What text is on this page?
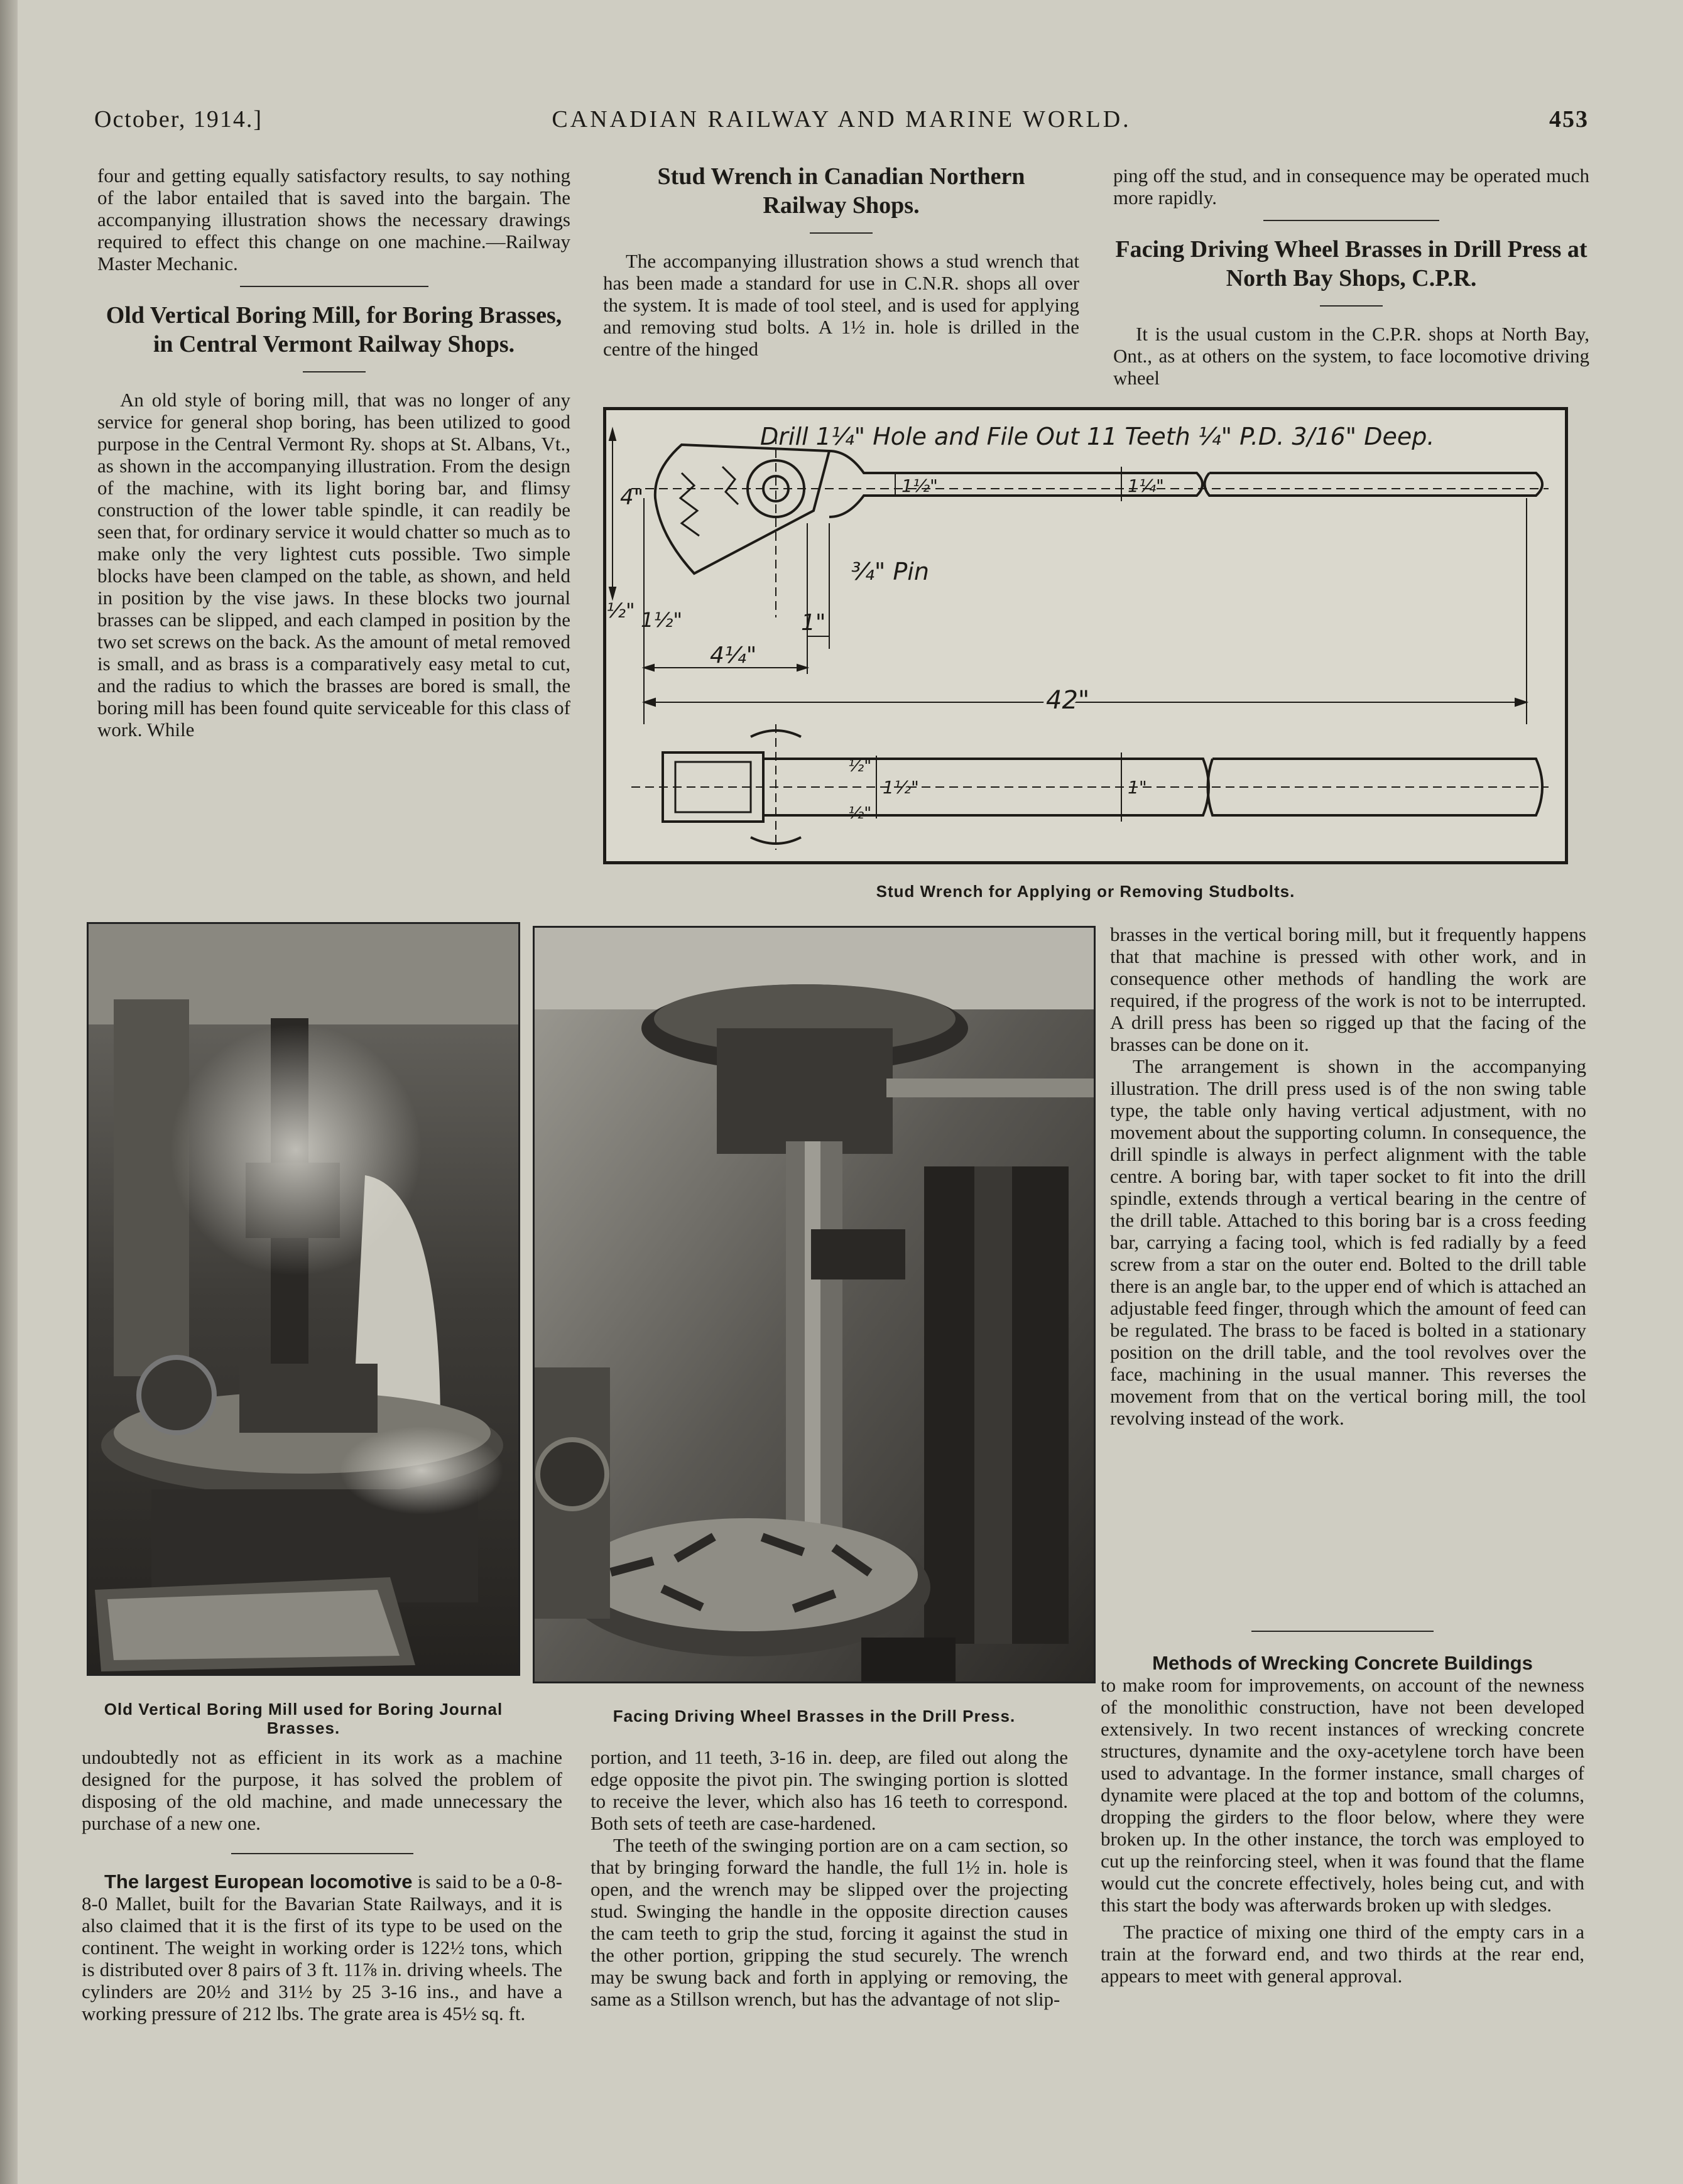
October, 1914.]	CANADIAN RAILWAY AND MARINE WORLD.	453

four and getting equally satisfactory results, to say nothing of the labor entailed that is saved into the bargain. The accompanying illustration shows the necessary drawings required to effect this change on one machine.—Railway Master Mechanic.

Old Vertical Boring Mill, for Boring Brasses, in Central Vermont Railway Shops.

An old style of boring mill, that was no longer of any service for general shop boring, has been utilized to good purpose in the Central Vermont Ry. shops at St. Albans, Vt., as shown in the accompanying illustration. From the design of the machine, with its light boring bar, and flimsy construction of the lower table spindle, it can readily be seen that, for ordinary service it would chatter so much as to make only the very lightest cuts possible. Two simple blocks have been clamped on the table, as shown, and held in position by the vise jaws. In these blocks two journal brasses can be slipped, and each clamped in position by the two set screws on the back. As the amount of metal removed is small, and as brass is a comparatively easy metal to cut, and the radius to which the brasses are bored is small, the boring mill has been found quite serviceable for this class of work. While

Stud Wrench in Canadian Northern Railway Shops.

The accompanying illustration shows a stud wrench that has been made a standard for use in C.N.R. shops all over the system. It is made of tool steel, and is used for applying and removing stud bolts. A 1½ in. hole is drilled in the centre of the hinged

ping off the stud, and in consequence may be operated much more rapidly.

Facing Driving Wheel Brasses in Drill Press at North Bay Shops, C.P.R.

It is the usual custom in the C.P.R. shops at North Bay, Ont., as at others on the system, to face locomotive driving wheel

Drill 1¼" Hole and File Out 11 Teeth ¼" P.D. 3/16" Deep.
¾" Pin
42"
4¼"
1"
1½"
½"
4"	1½"	1¼"
1½"	1"
½"
½"
Stud Wrench for Applying or Removing Studbolts.
Old Vertical Boring Mill used for Boring Journal Brasses.
Facing Driving Wheel Brasses in the Drill Press.

brasses in the vertical boring mill, but it frequently happens that that machine is pressed with other work, and in consequence other methods of handling the work are required, if the progress of the work is not to be interrupted. A drill press has been so rigged up that the facing of the brasses can be done on it.

The arrangement is shown in the accompanying illustration. The drill press used is of the non swing table type, the table only having vertical adjustment, with no movement about the supporting column. In consequence, the drill spindle is always in perfect alignment with the table centre. A boring bar, with taper socket to fit into the drill spindle, extends through a vertical bearing in the centre of the drill table. Attached to this boring bar is a cross feeding bar, carrying a facing tool, which is fed radially by a feed screw from a star on the outer end. Bolted to the drill table there is an angle bar, to the upper end of which is attached an adjustable feed finger, through which the amount of feed can be regulated. The brass to be faced is bolted in a stationary position on the drill table, and the tool revolves over the face, machining in the usual manner. This reverses the movement from that on the vertical boring mill, the tool revolving instead of the work.

Methods of Wrecking Concrete Buildings

to make room for improvements, on account of the newness of the monolithic construction, have not been developed extensively. In two recent instances of wrecking concrete structures, dynamite and the oxy-acetylene torch have been used to advantage. In the former instance, small charges of dynamite were placed at the top and bottom of the columns, dropping the girders to the floor below, where they were broken up. In the other instance, the torch was employed to cut up the reinforcing steel, when it was found that the flame would cut the concrete effectively, holes being cut, and with this start the body was afterwards broken up with sledges.

The practice of mixing one third of the empty cars in a train at the forward end, and two thirds at the rear end, appears to meet with general approval.

undoubtedly not as efficient in its work as a machine designed for the purpose, it has solved the problem of disposing of the old machine, and made unnecessary the purchase of a new one.

The largest European locomotive is said to be a 0-8-8-0 Mallet, built for the Bavarian State Railways, and it is also claimed that it is the first of its type to be used on the continent. The weight in working order is 122½ tons, which is distributed over 8 pairs of 3 ft. 11⅞ in. driving wheels. The cylinders are 20½ and 31½ by 25 3-16 ins., and have a working pressure of 212 lbs. The grate area is 45½ sq. ft.

portion, and 11 teeth, 3-16 in. deep, are filed out along the edge opposite the pivot pin. The swinging portion is slotted to receive the lever, which also has 16 teeth to correspond. Both sets of teeth are case-hardened.

The teeth of the swinging portion are on a cam section, so that by bringing forward the handle, the full 1½ in. hole is open, and the wrench may be slipped over the projecting stud. Swinging the handle in the opposite direction causes the cam teeth to grip the stud, forcing it against the stud in the other portion, gripping the stud securely. The wrench may be swung back and forth in applying or removing, the same as a Stillson wrench, but has the advantage of not slip-
